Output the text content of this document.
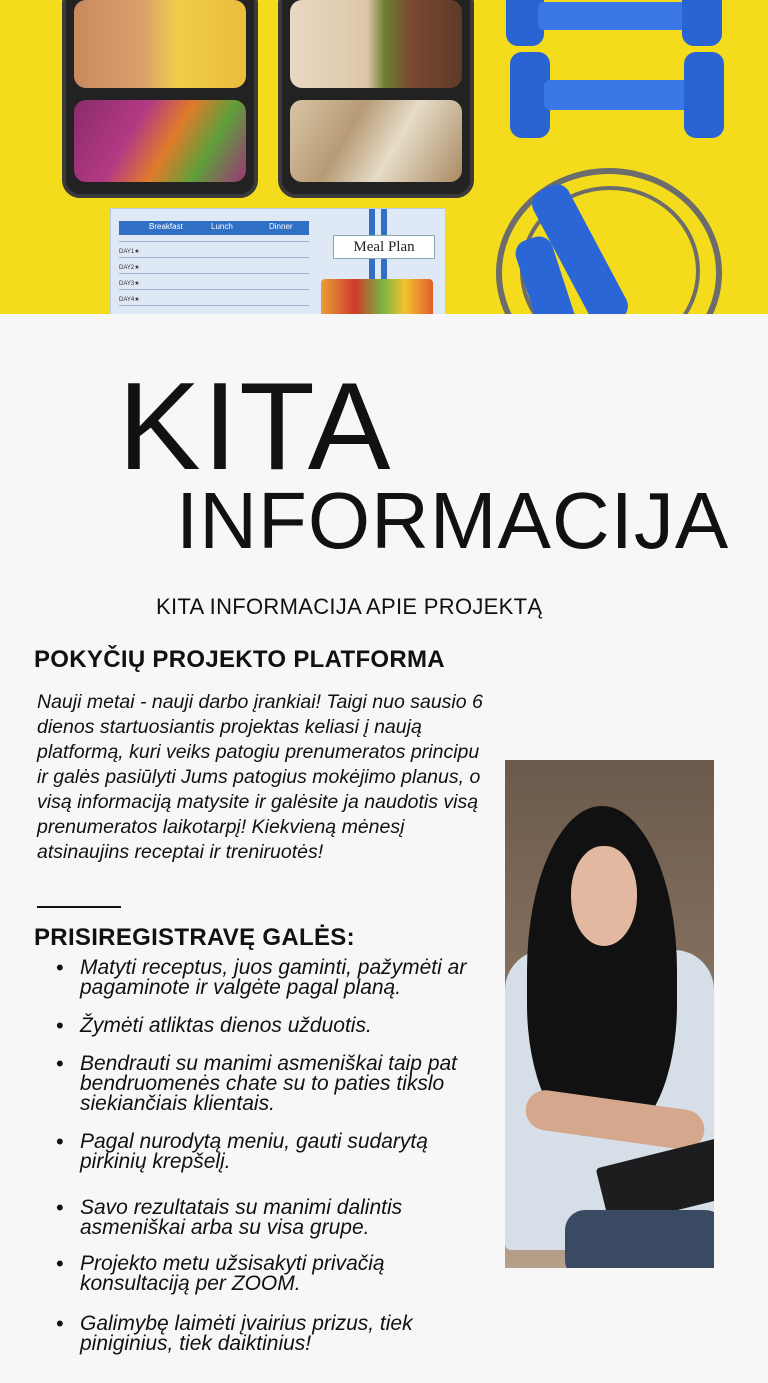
Breakfast	Lunch	Dinner
DAY1★
DAY2★
DAY3★
DAY4★
Meal Plan
KITA
INFORMACIJA
KITA INFORMACIJA APIE PROJEKTĄ
POKYČIŲ PROJEKTO PLATFORMA

Nauji metai - nauji darbo įrankiai! Taigi nuo sausio 6 dienos startuosiantis projektas keliasi į naują platformą, kuri veiks patogiu prenumeratos principu ir galės pasiūlyti Jums patogius mokėjimo planus, o visą informaciją matysite ir galėsite ja naudotis visą prenumeratos laikotarpį! Kiekvieną mėnesį atsinaujins receptai ir treniruotės!

PRISIREGISTRAVĘ GALĖS:
• Matyti receptus, juos gaminti, pažymėti ar pagaminote ir valgėte pagal planą.
• Žymėti atliktas dienos užduotis.
• Bendrauti su manimi asmeniškai taip pat bendruomenės chate su to paties tikslo siekiančiais klientais.
• Pagal nurodytą meniu, gauti sudarytą pirkinių krepšelį.
• Savo rezultatais su manimi dalintis asmeniškai arba su visa grupe.
• Projekto metu užsisakyti privačią konsultaciją per ZOOM.
• Galimybę laimėti įvairius prizus, tiek piniginius, tiek daiktinius!
